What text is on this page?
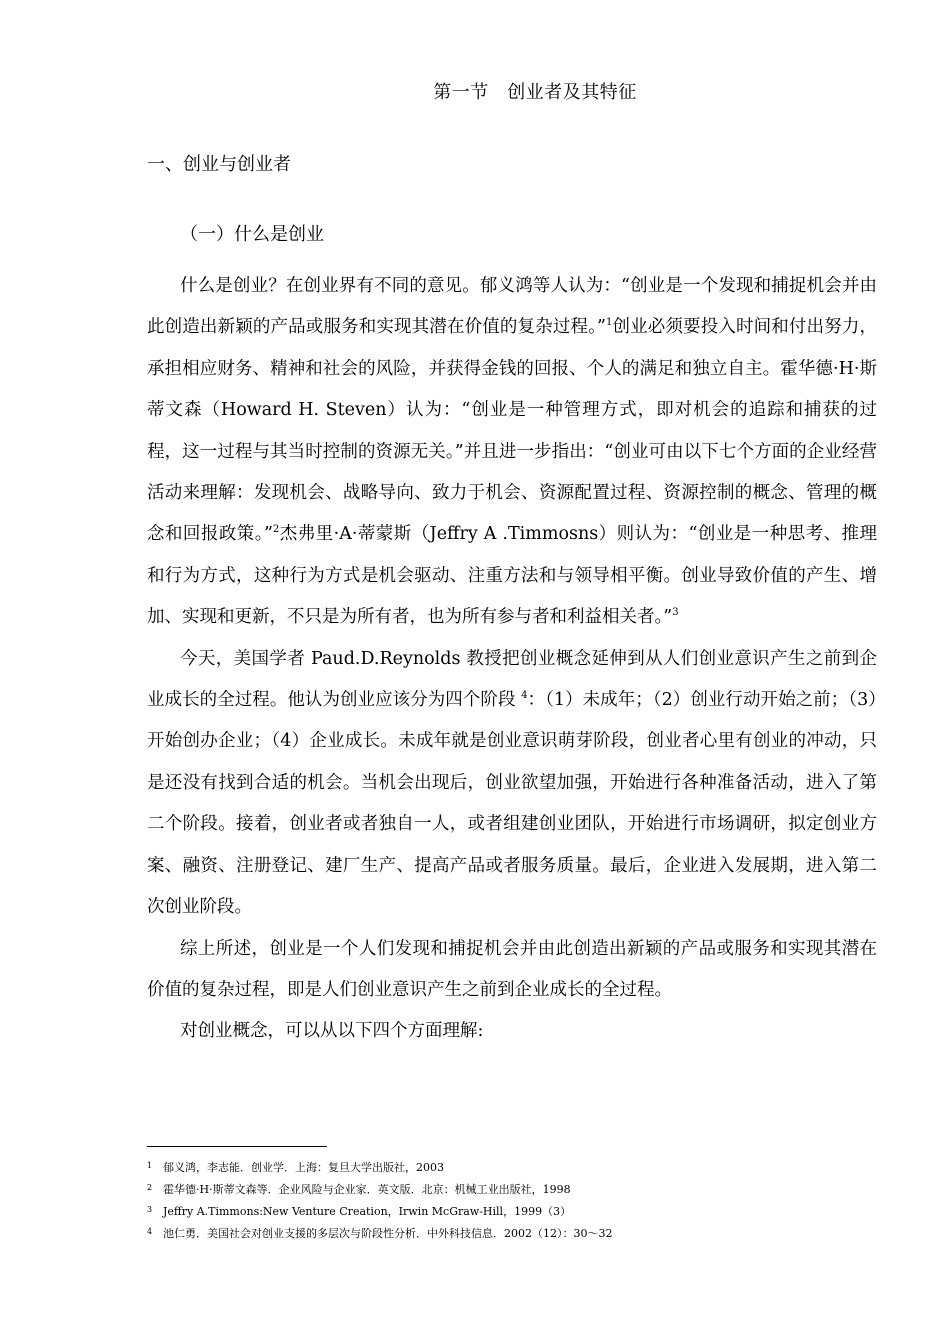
第一节　创业者及其特征
一、创业与创业者
（一）什么是创业

什么是创业？在创业界有不同的意见。郁义鸿等人认为：“创业是一个发现和捕捉机会并由此创造出新颖的产品或服务和实现其潜在价值的复杂过程。”$^1$创业必须要投入时间和付出努力，承担相应财务、精神和社会的风险，并获得金钱的回报、个人的满足和独立自主。霍华德·H·斯蒂文森（Howard H. Steven）认为：“创业是一种管理方式，即对机会的追踪和捕获的过程，这一过程与其当时控制的资源无关。”并且进一步指出：“创业可由以下七个方面的企业经营活动来理解：发现机会、战略导向、致力于机会、资源配置过程、资源控制的概念、管理的概念和回报政策。”$^2$杰弗里·A·蒂蒙斯（Jeffry A .Timmosns）则认为：“创业是一种思考、推理和行为方式，这种行为方式是机会驱动、注重方法和与领导相平衡。创业导致价值的产生、增加、实现和更新，不只是为所有者，也为所有参与者和利益相关者。”$^3$

今天，美国学者 Paud.D.Reynolds 教授把创业概念延伸到从人们创业意识产生之前到企业成长的全过程。他认为创业应该分为四个阶段 $^4$：（1）未成年；（2）创业行动开始之前；（3）开始创办企业；（4）企业成长。未成年就是创业意识萌芽阶段，创业者心里有创业的冲动，只是还没有找到合适的机会。当机会出现后，创业欲望加强，开始进行各种准备活动，进入了第二个阶段。接着，创业者或者独自一人，或者组建创业团队，开始进行市场调研，拟定创业方案、融资、注册登记、建厂生产、提高产品或者服务质量。最后，企业进入发展期，进入第二次创业阶段。

综上所述，创业是一个人们发现和捕捉机会并由此创造出新颖的产品或服务和实现其潜在价值的复杂过程，即是人们创业意识产生之前到企业成长的全过程。

对创业概念，可以从以下四个方面理解:

1 郁义鸿，李志能．创业学．上海：复旦大学出版社，2003
2 霍华德·H·斯蒂文森等．企业风险与企业家．英文版．北京：机械工业出版社，1998
3 Jeffry A.Timmons:New Venture Creation，Irwin McGraw-Hill，1999（3）
4 池仁勇．美国社会对创业支援的多层次与阶段性分析．中外科技信息．2002（12）：30～32
